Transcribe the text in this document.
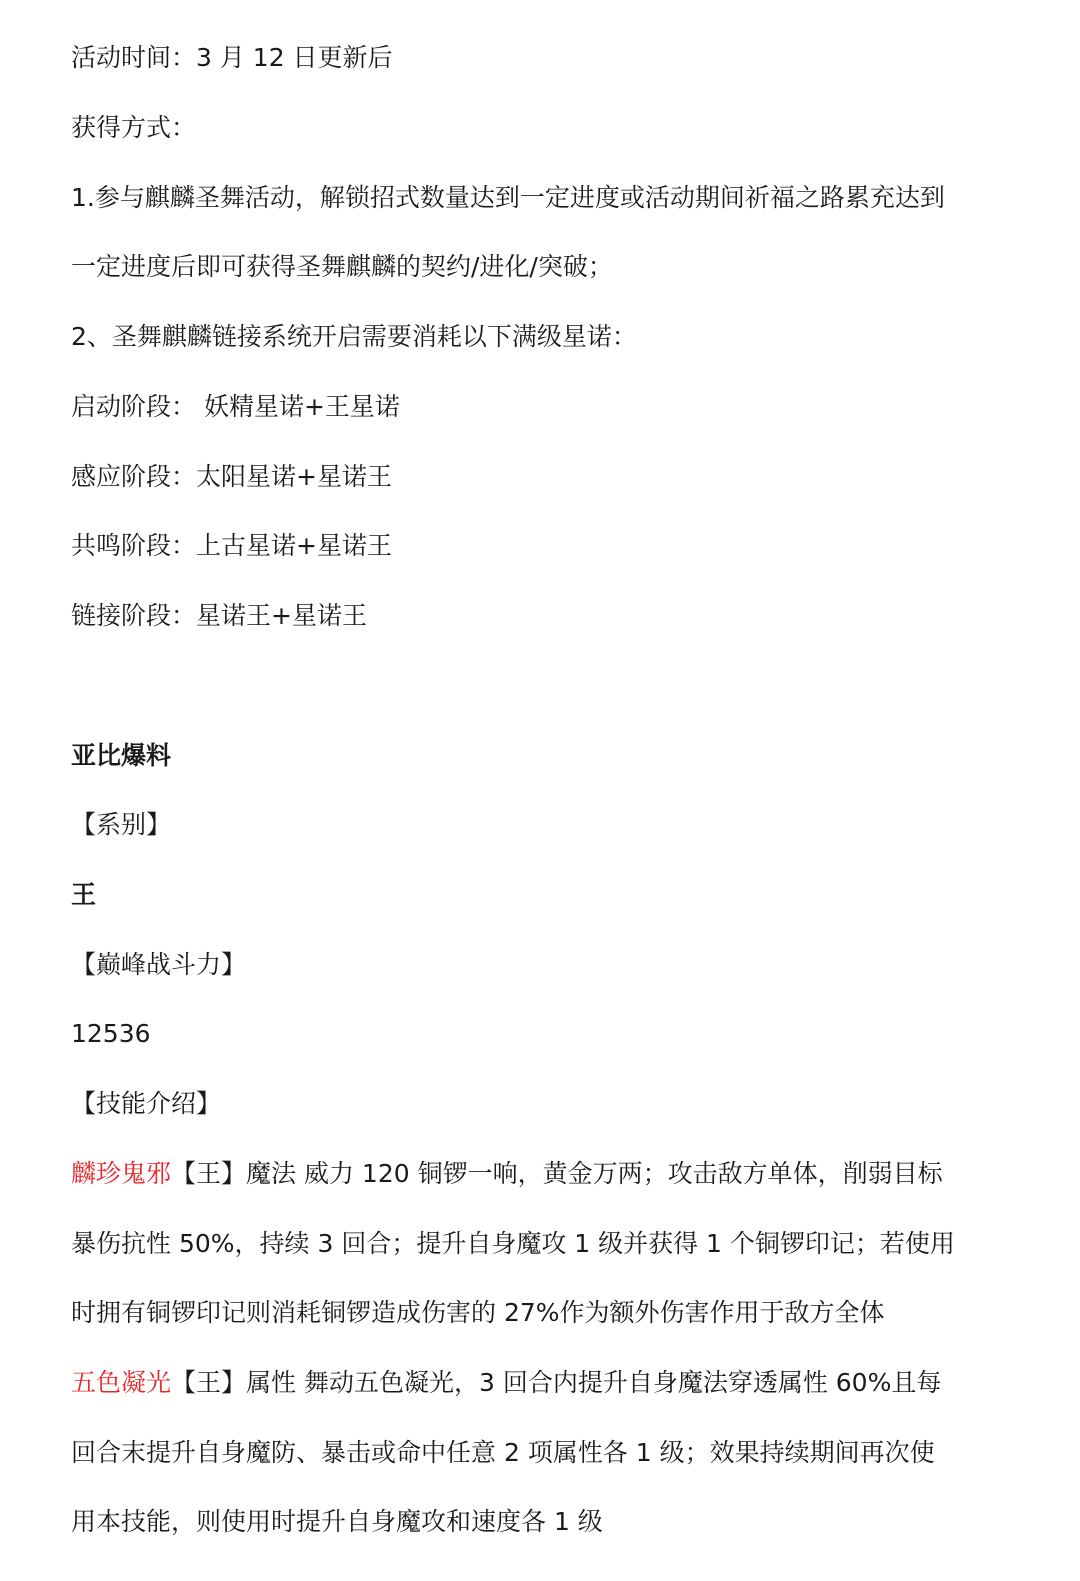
活动时间：3 月 12 日更新后
获得方式：
1.参与麒麟圣舞活动，解锁招式数量达到一定进度或活动期间祈福之路累充达到
一定进度后即可获得圣舞麒麟的契约/进化/突破；
2、圣舞麒麟链接系统开启需要消耗以下满级星诺：
启动阶段： 妖精星诺+王星诺
感应阶段：太阳星诺+星诺王
共鸣阶段：上古星诺+星诺王
链接阶段：星诺王+星诺王
亚比爆料
【系别】
王
【巅峰战斗力】
12536
【技能介绍】
麟珍鬼邪【王】魔法 威力 120 铜锣一响，黄金万两；攻击敌方单体，削弱目标
暴伤抗性 50%，持续 3 回合；提升自身魔攻 1 级并获得 1 个铜锣印记；若使用
时拥有铜锣印记则消耗铜锣造成伤害的 27%作为额外伤害作用于敌方全体
五色凝光【王】属性 舞动五色凝光，3 回合内提升自身魔法穿透属性 60%且每
回合末提升自身魔防、暴击或命中任意 2 项属性各 1 级；效果持续期间再次使
用本技能，则使用时提升自身魔攻和速度各 1 级
